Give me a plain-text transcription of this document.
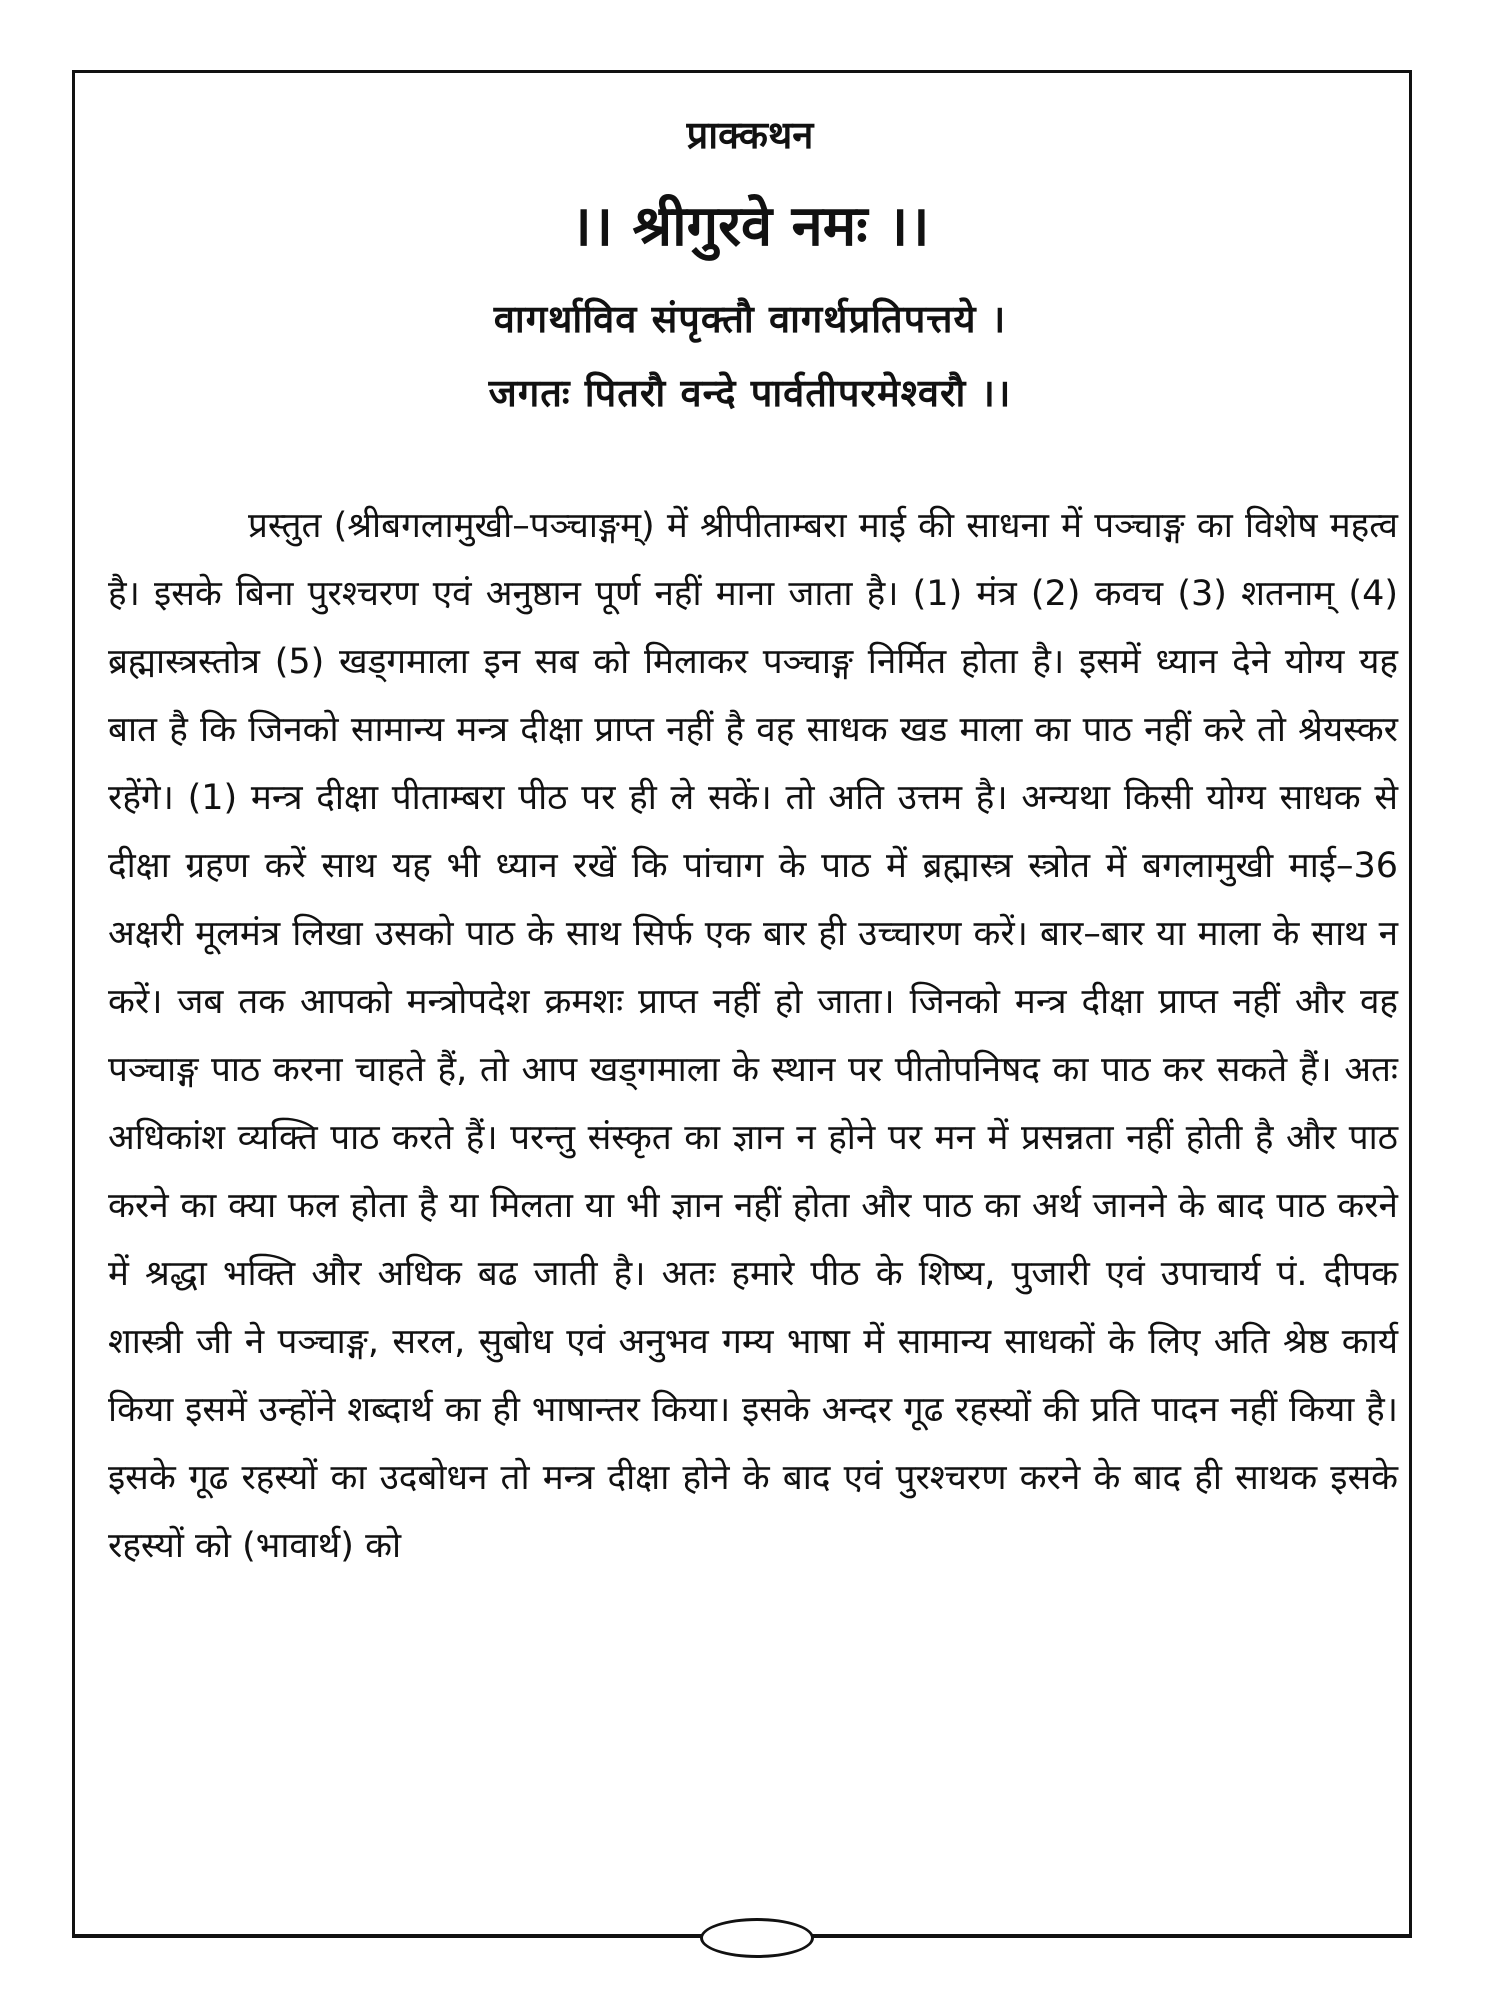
प्राक्कथन
।। श्रीगुरवे नमः ।।
वागर्थाविव संपृक्तौ वागर्थप्रतिपत्तये ।
जगतः पितरौ वन्दे पार्वतीपरमेश्वरौ ।।

प्रस्तुत (श्रीबगलामुखी–पञ्चाङ्गम्) में श्रीपीताम्बरा माई की साधना में पञ्चाङ्ग का विशेष महत्व है। इसके बिना पुरश्चरण एवं अनुष्ठान पूर्ण नहीं माना जाता है। (1) मंत्र (2) कवच (3) शतनाम् (4) ब्रह्मास्त्रस्तोत्र (5) खड्गमाला इन सब को मिलाकर पञ्चाङ्ग निर्मित होता है। इसमें ध्यान देने योग्य यह बात है कि जिनको सामान्य मन्त्र दीक्षा प्राप्त नहीं है वह साधक खड माला का पाठ नहीं करे तो श्रेयस्कर रहेंगे। (1) मन्त्र दीक्षा पीताम्बरा पीठ पर ही ले सकें। तो अति उत्तम है। अन्यथा किसी योग्य साधक से दीक्षा ग्रहण करें साथ यह भी ध्यान रखें कि पांचाग के पाठ में ब्रह्मास्त्र स्त्रोत में बगलामुखी माई–36 अक्षरी मूलमंत्र लिखा उसको पाठ के साथ सिर्फ एक बार ही उच्चारण करें। बार–बार या माला के साथ न करें। जब तक आपको मन्त्रोपदेश क्रमशः प्राप्त नहीं हो जाता। जिनको मन्त्र दीक्षा प्राप्त नहीं और वह पञ्चाङ्ग पाठ करना चाहते हैं, तो आप खड्गमाला के स्थान पर पीतोपनिषद का पाठ कर सकते हैं। अतः अधिकांश व्यक्ति पाठ करते हैं। परन्तु संस्कृत का ज्ञान न होने पर मन में प्रसन्नता नहीं होती है और पाठ करने का क्या फल होता है या मिलता या भी ज्ञान नहीं होता और पाठ का अर्थ जानने के बाद पाठ करने में श्रद्धा भक्ति और अधिक बढ जाती है। अतः हमारे पीठ के शिष्य, पुजारी एवं उपाचार्य पं. दीपक शास्त्री जी ने पञ्चाङ्ग, सरल, सुबोध एवं अनुभव गम्य भाषा में सामान्य साधकों के लिए अति श्रेष्ठ कार्य किया इसमें उन्होंने शब्दार्थ का ही भाषान्तर किया। इसके अन्दर गूढ रहस्यों की प्रति पादन नहीं किया है। इसके गूढ रहस्यों का उदबोधन तो मन्त्र दीक्षा होने के बाद एवं पुरश्चरण करने के बाद ही साथक इसके रहस्यों को (भावार्थ) को
